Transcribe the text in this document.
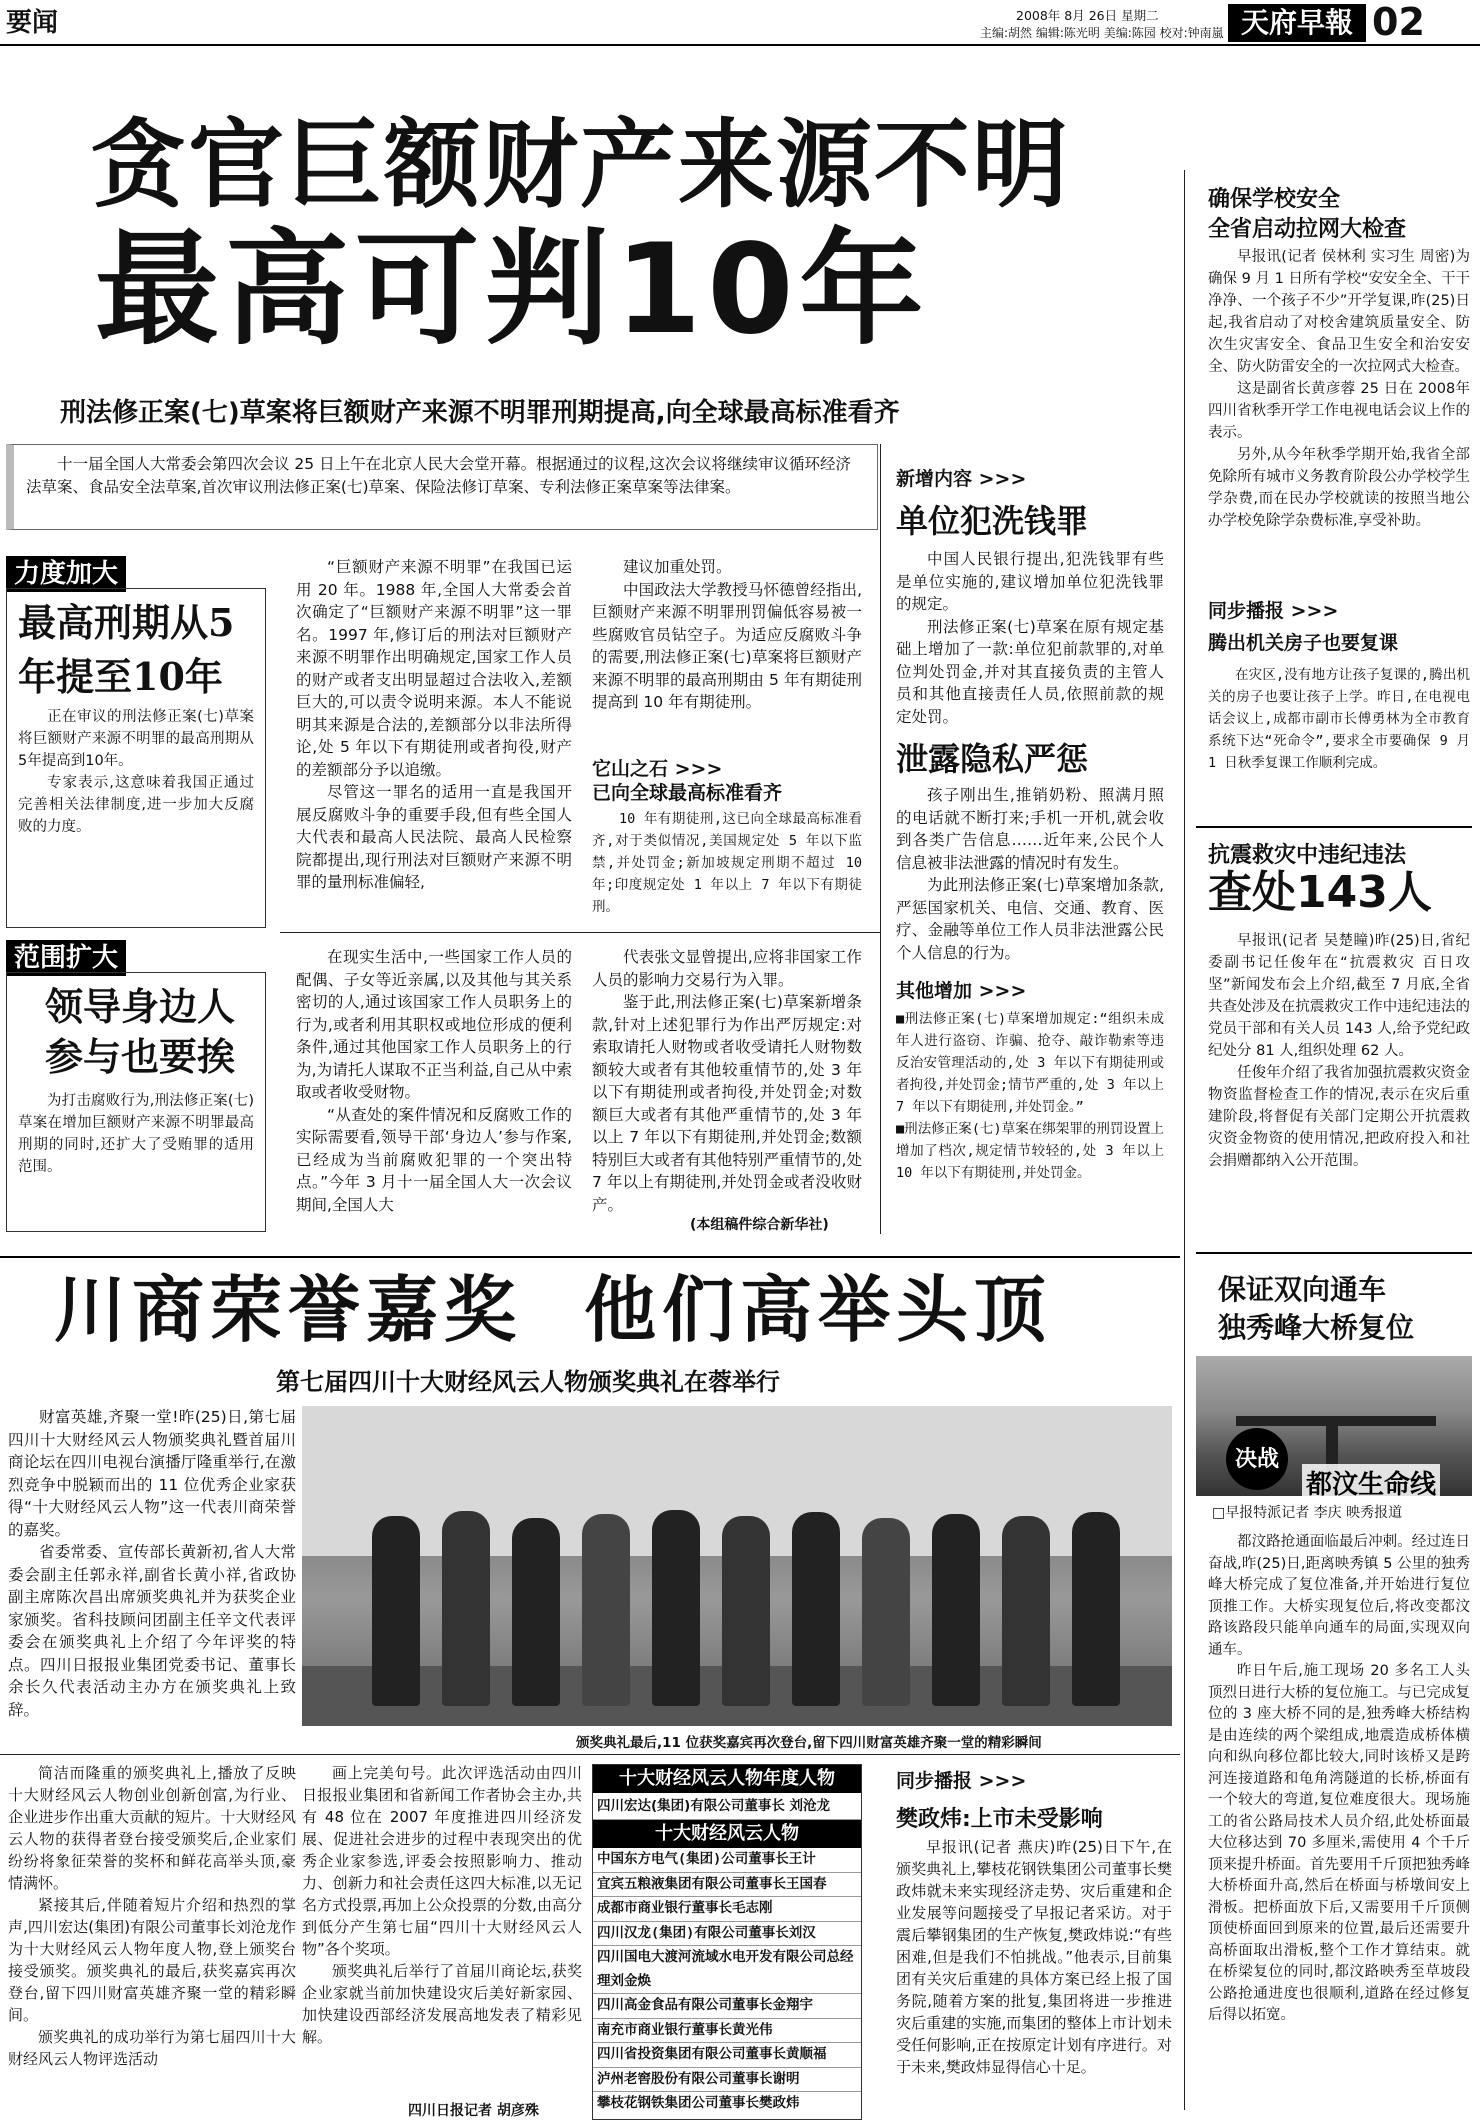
要闻	2008年 8月 26日 星期二
主编:胡然 编辑:陈光明 美编:陈园 校对:钟南嵐 天府早報 02
贪官巨额财产来源不明
最高可判10年
刑法修正案(七)草案将巨额财产来源不明罪刑期提高,向全球最高标准看齐

十一届全国人大常委会第四次会议 25 日上午在北京人民大会堂开幕。根据通过的议程,这次会议将继续审议循环经济法草案、食品安全法草案,首次审议刑法修正案(七)草案、保险法修订草案、专利法修正案草案等法律案。

力度加大
最高刑期从5年提至10年

正在审议的刑法修正案(七)草案将巨额财产来源不明罪的最高刑期从5年提高到10年。

专家表示,这意味着我国正通过完善相关法律制度,进一步加大反腐败的力度。

范围扩大
领导身边人参与也要挨

为打击腐败行为,刑法修正案(七)草案在增加巨额财产来源不明罪最高刑期的同时,还扩大了受贿罪的适用范围。

“巨额财产来源不明罪”在我国已运用 20 年。1988 年,全国人大常委会首次确定了“巨额财产来源不明罪”这一罪名。1997 年,修订后的刑法对巨额财产来源不明罪作出明确规定,国家工作人员的财产或者支出明显超过合法收入,差额巨大的,可以责令说明来源。本人不能说明其来源是合法的,差额部分以非法所得论,处 5 年以下有期徒刑或者拘役,财产的差额部分予以追缴。

尽管这一罪名的适用一直是我国开展反腐败斗争的重要手段,但有些全国人大代表和最高人民法院、最高人民检察院都提出,现行刑法对巨额财产来源不明罪的量刑标准偏轻,

建议加重处罚。

中国政法大学教授马怀德曾经指出,巨额财产来源不明罪刑罚偏低容易被一些腐败官员钻空子。为适应反腐败斗争的需要,刑法修正案(七)草案将巨额财产来源不明罪的最高刑期由 5 年有期徒刑提高到 10 年有期徒刑。

它山之石 >>>
已向全球最高标准看齐

10 年有期徒刑,这已向全球最高标准看齐,对于类似情况,美国规定处 5 年以下监禁,并处罚金;新加坡规定刑期不超过 10 年;印度规定处 1 年以上 7 年以下有期徒刑。

在现实生活中,一些国家工作人员的配偶、子女等近亲属,以及其他与其关系密切的人,通过该国家工作人员职务上的行为,或者利用其职权或地位形成的便利条件,通过其他国家工作人员职务上的行为,为请托人谋取不正当利益,自己从中索取或者收受财物。

“从查处的案件情况和反腐败工作的实际需要看,领导干部‘身边人’参与作案,已经成为当前腐败犯罪的一个突出特点。”今年 3 月十一届全国人大一次会议期间,全国人大

代表张文显曾提出,应将非国家工作人员的影响力交易行为入罪。

鉴于此,刑法修正案(七)草案新增条款,针对上述犯罪行为作出严厉规定:对索取请托人财物或者收受请托人财物数额较大或者有其他较重情节的,处 3 年以下有期徒刑或者拘役,并处罚金;对数额巨大或者有其他严重情节的,处 3 年以上 7 年以下有期徒刑,并处罚金;数额特别巨大或者有其他特别严重情节的,处 7 年以上有期徒刑,并处罚金或者没收财产。

(本组稿件综合新华社)
新增内容 >>>
单位犯洗钱罪

中国人民银行提出,犯洗钱罪有些是单位实施的,建议增加单位犯洗钱罪的规定。

刑法修正案(七)草案在原有规定基础上增加了一款:单位犯前款罪的,对单位判处罚金,并对其直接负责的主管人员和其他直接责任人员,依照前款的规定处罚。

泄露隐私严惩

孩子刚出生,推销奶粉、照满月照的电话就不断打来;手机一开机,就会收到各类广告信息……近年来,公民个人信息被非法泄露的情况时有发生。

为此刑法修正案(七)草案增加条款,严惩国家机关、电信、交通、教育、医疗、金融等单位工作人员非法泄露公民个人信息的行为。

其他增加 >>>

■刑法修正案(七)草案增加规定:“组织未成年人进行盗窃、诈骗、抢夺、敲诈勒索等违反治安管理活动的,处 3 年以下有期徒刑或者拘役,并处罚金;情节严重的,处 3 年以上 7 年以下有期徒刑,并处罚金。”

■刑法修正案(七)草案在绑架罪的刑罚设置上增加了档次,规定情节较轻的,处 3 年以上 10 年以下有期徒刑,并处罚金。

确保学校安全
全省启动拉网大检查

早报讯(记者 侯林利 实习生 周密)为确保 9 月 1 日所有学校“安安全全、干干净净、一个孩子不少”开学复课,昨(25)日起,我省启动了对校舍建筑质量安全、防次生灾害安全、食品卫生安全和治安安全、防火防雷安全的一次拉网式大检查。

这是副省长黄彦蓉 25 日在 2008年四川省秋季开学工作电视电话会议上作的表示。

另外,从今年秋季学期开始,我省全部免除所有城市义务教育阶段公办学校学生学杂费,而在民办学校就读的按照当地公办学校免除学杂费标准,享受补助。

同步播报 >>>
腾出机关房子也要复课

在灾区,没有地方让孩子复课的,腾出机关的房子也要让孩子上学。昨日,在电视电话会议上,成都市副市长傅勇林为全市教育系统下达“死命令”,要求全市要确保 9 月 1 日秋季复课工作顺利完成。

抗震救灾中违纪违法
查处143人

早报讯(记者 吴楚瞳)昨(25)日,省纪委副书记任俊年在“抗震救灾 百日攻坚”新闻发布会上介绍,截至 7 月底,全省共查处涉及在抗震救灾工作中违纪违法的党员干部和有关人员 143 人,给予党纪政纪处分 81 人,组织处理 62 人。

任俊年介绍了我省加强抗震救灾资金物资监督检查工作的情况,表示在灾后重建阶段,将督促有关部门定期公开抗震救灾资金物资的使用情况,把政府投入和社会捐赠都纳入公开范围。

保证双向通车
独秀峰大桥复位
决战
都汶生命线
□早报特派记者 李庆 映秀报道

都汶路抢通面临最后冲刺。经过连日奋战,昨(25)日,距离映秀镇 5 公里的独秀峰大桥完成了复位准备,并开始进行复位顶推工作。大桥实现复位后,将改变都汶路该路段只能单向通车的局面,实现双向通车。

昨日午后,施工现场 20 多名工人头顶烈日进行大桥的复位施工。与已完成复位的 3 座大桥不同的是,独秀峰大桥结构是由连续的两个梁组成,地震造成桥体横向和纵向移位都比较大,同时该桥又是跨河连接道路和龟角湾隧道的长桥,桥面有一个较大的弯道,复位难度很大。现场施工的省公路局技术人员介绍,此处桥面最大位移达到 70 多厘米,需使用 4 个千斤顶来提升桥面。首先要用千斤顶把独秀峰大桥桥面升高,然后在桥面与桥墩间安上滑板。把桥面放下后,又需要用千斤顶侧顶使桥面回到原来的位置,最后还需要升高桥面取出滑板,整个工作才算结束。就在桥梁复位的同时,都汶路映秀至草坡段公路抢通进度也很顺利,道路在经过修复后得以拓宽。

川商荣誉嘉奖  他们高举头顶
第七届四川十大财经风云人物颁奖典礼在蓉举行

财富英雄,齐聚一堂!昨(25)日,第七届四川十大财经风云人物颁奖典礼暨首届川商论坛在四川电视台演播厅隆重举行,在激烈竞争中脱颖而出的 11 位优秀企业家获得“十大财经风云人物”这一代表川商荣誉的嘉奖。

省委常委、宣传部长黄新初,省人大常委会副主任郭永祥,副省长黄小祥,省政协副主席陈次昌出席颁奖典礼并为获奖企业家颁奖。省科技顾问团副主任辛文代表评委会在颁奖典礼上介绍了今年评奖的特点。四川日报报业集团党委书记、董事长余长久代表活动主办方在颁奖典礼上致辞。

颁奖典礼最后,11 位获奖嘉宾再次登台,留下四川财富英雄齐聚一堂的精彩瞬间

简洁而隆重的颁奖典礼上,播放了反映十大财经风云人物创业创新创富,为行业、企业进步作出重大贡献的短片。十大财经风云人物的获得者登台接受颁奖后,企业家们纷纷将象征荣誉的奖杯和鲜花高举头顶,豪情满怀。

紧接其后,伴随着短片介绍和热烈的掌声,四川宏达(集团)有限公司董事长刘沧龙作为十大财经风云人物年度人物,登上颁奖台接受颁奖。颁奖典礼的最后,获奖嘉宾再次登台,留下四川财富英雄齐聚一堂的精彩瞬间。

颁奖典礼的成功举行为第七届四川十大财经风云人物评选活动

画上完美句号。此次评选活动由四川日报报业集团和省新闻工作者协会主办,共有 48 位在 2007 年度推进四川经济发展、促进社会进步的过程中表现突出的优秀企业家参选,评委会按照影响力、推动力、创新力和社会责任这四大标准,以无记名方式投票,再加上公众投票的分数,由高分到低分产生第七届“四川十大财经风云人物”各个奖项。

颁奖典礼后举行了首届川商论坛,获奖企业家就当前加快建设灾后美好新家园、加快建设西部经济发展高地发表了精彩见解。

四川日报记者 胡彦殊
十大财经风云人物年度人物
四川宏达(集团)有限公司董事长 刘沧龙
十大财经风云人物
中国东方电气(集团)公司董事长王计
宜宾五粮液集团有限公司董事长王国春
成都市商业银行董事长毛志刚
四川汉龙(集团)有限公司董事长刘汉
四川国电大渡河流域水电开发有限公司总经理刘金焕
四川高金食品有限公司董事长金翔宇
南充市商业银行董事长黄光伟
四川省投资集团有限公司董事长黄顺福
泸州老窖股份有限公司董事长谢明
攀枝花钢铁集团公司董事长樊政炜
同步播报 >>>
樊政炜:上市未受影响

早报讯(记者 燕庆)昨(25)日下午,在颁奖典礼上,攀枝花钢铁集团公司董事长樊政炜就未来实现经济走势、灾后重建和企业发展等问题接受了早报记者采访。对于震后攀钢集团的生产恢复,樊政炜说:“有些困难,但是我们不怕挑战。”他表示,目前集团有关灾后重建的具体方案已经上报了国务院,随着方案的批复,集团将进一步推进灾后重建的实施,而集团的整体上市计划未受任何影响,正在按原定计划有序进行。对于未来,樊政炜显得信心十足。
